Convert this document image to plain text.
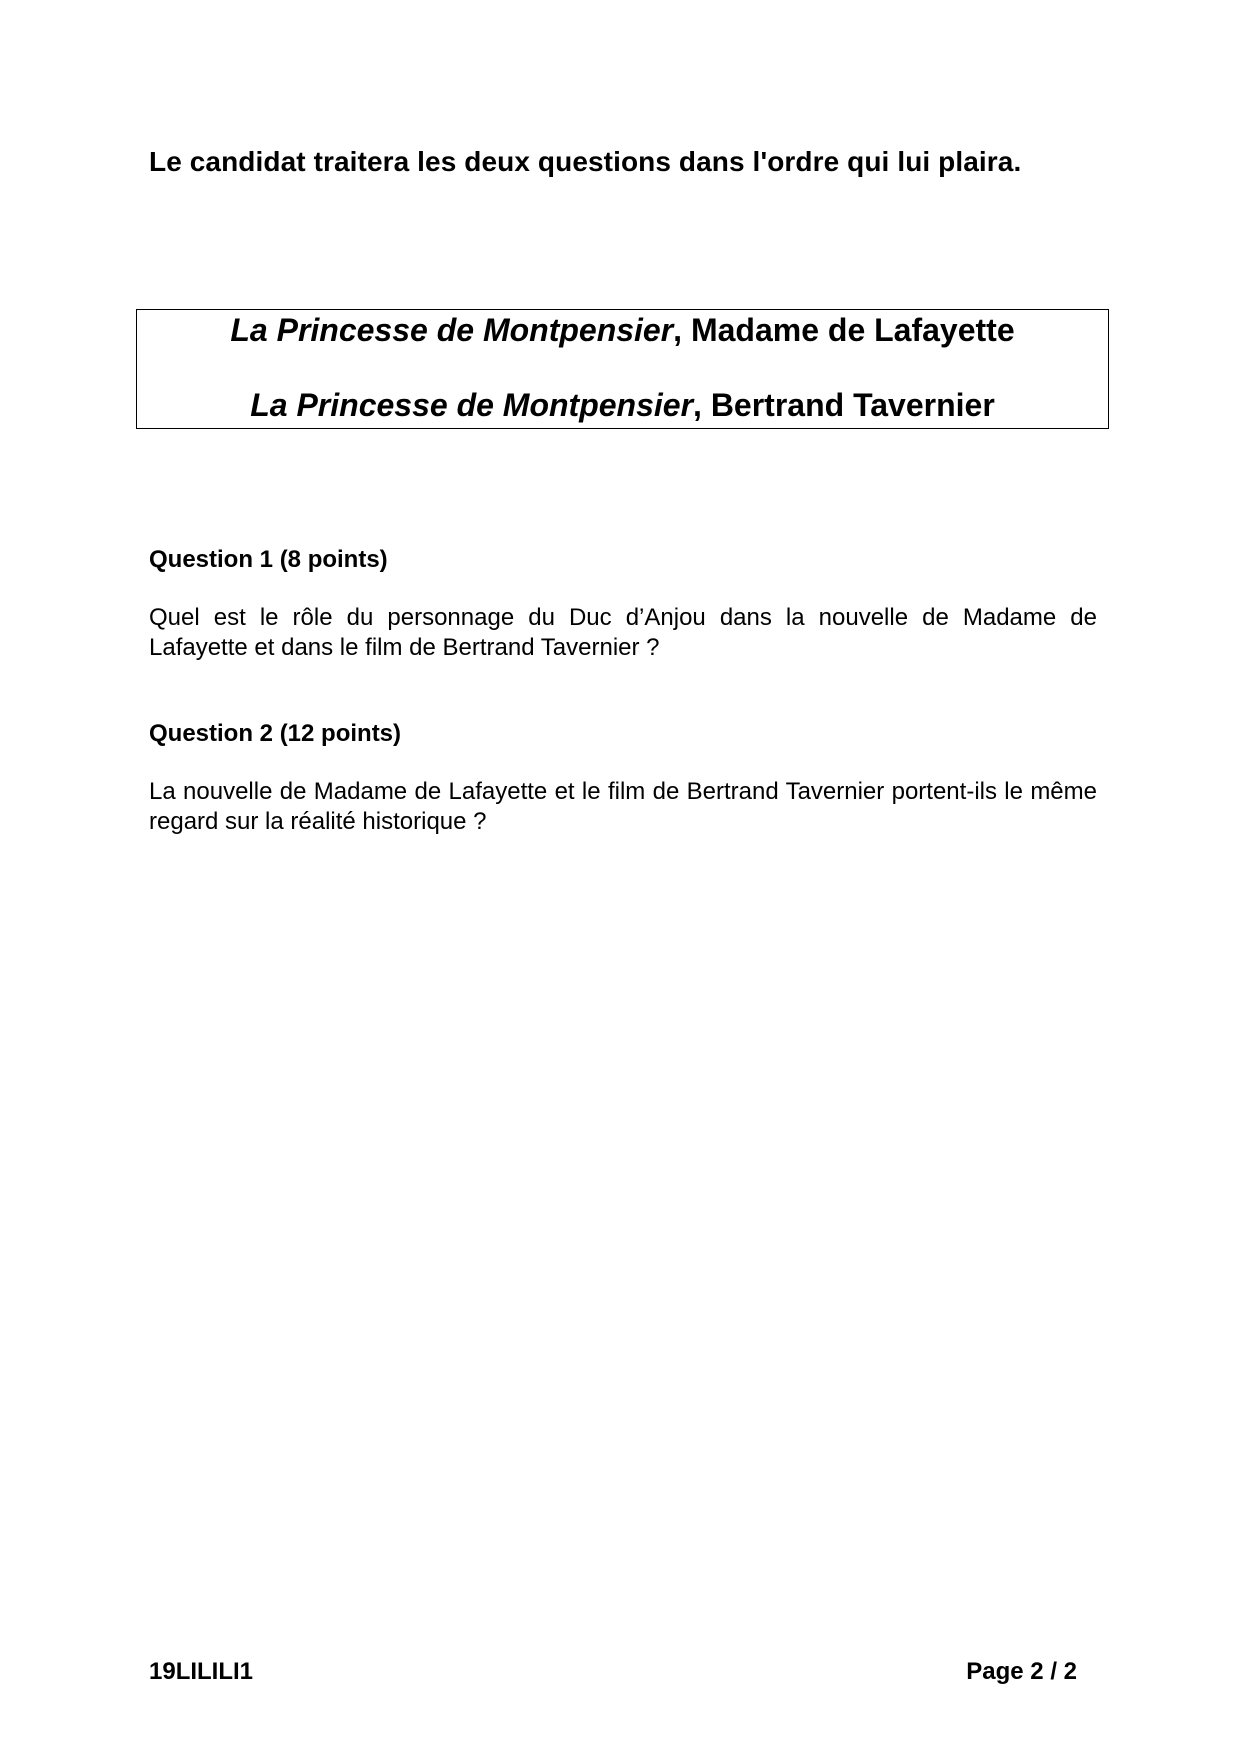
Le candidat traitera les deux questions dans l'ordre qui lui plaira.

La Princesse de Montpensier, Madame de Lafayette

La Princesse de Montpensier, Bertrand Tavernier

Question 1 (8 points)

Quel est le rôle du personnage du Duc d’Anjou dans la nouvelle de Madame de Lafayette et dans le film de Bertrand Tavernier ?

Question 2 (12 points)

La nouvelle de Madame de Lafayette et le film de Bertrand Tavernier portent-ils le même regard sur la réalité historique ?

19LILILI1	Page 2 / 2
